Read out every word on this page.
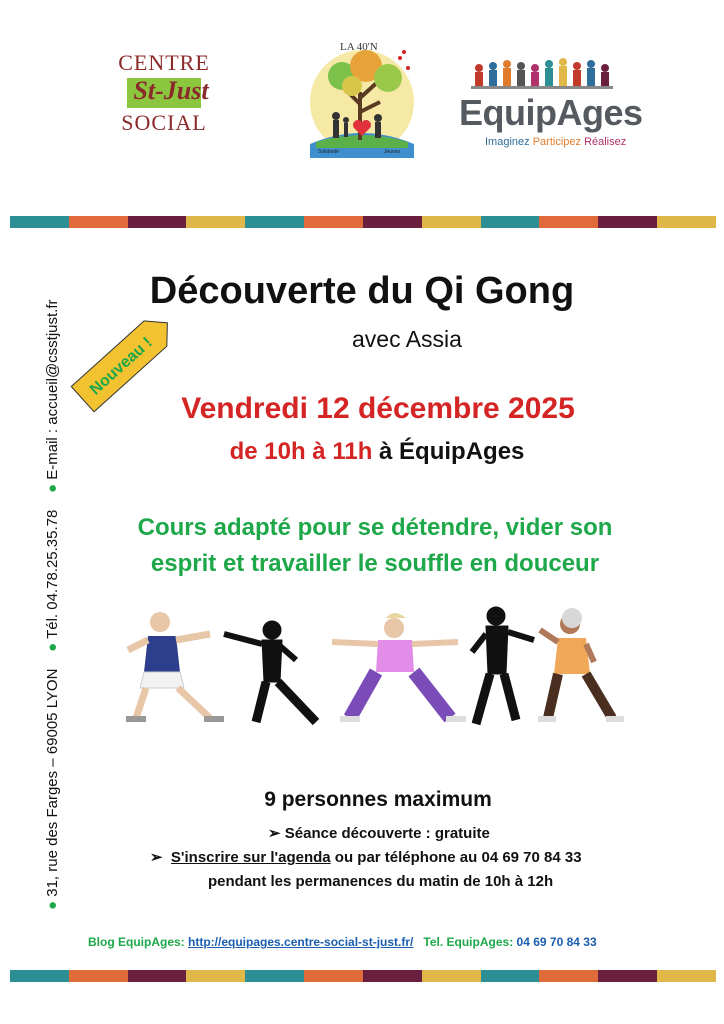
CENTRE
St-Just
SOCIAL
LA 40'N
Solidarité	Jeunes
EquipAges
Imaginez Participez Réalisez
● 31, rue des Farges – 69005 LYON    ● Tél. 04.78.25.35.78    ● E-mail : accueil@csstjust.fr	Nouveau !
Découverte du Qi Gong
avec Assia
Vendredi 12 décembre 2025
de 10h à 11h à ÉquipAges
Cours adapté pour se détendre, vider son
esprit et travailler le souffle en douceur
9 personnes maximum
➢ Séance découverte : gratuite
➢ S'inscrire sur l'agenda ou par téléphone au 04 69 70 84 33
pendant les permanences du matin de 10h à 12h
Blog EquipAges: http://equipages.centre-social-st-just.fr/ Tel. EquipAges: 04 69 70 84 33
